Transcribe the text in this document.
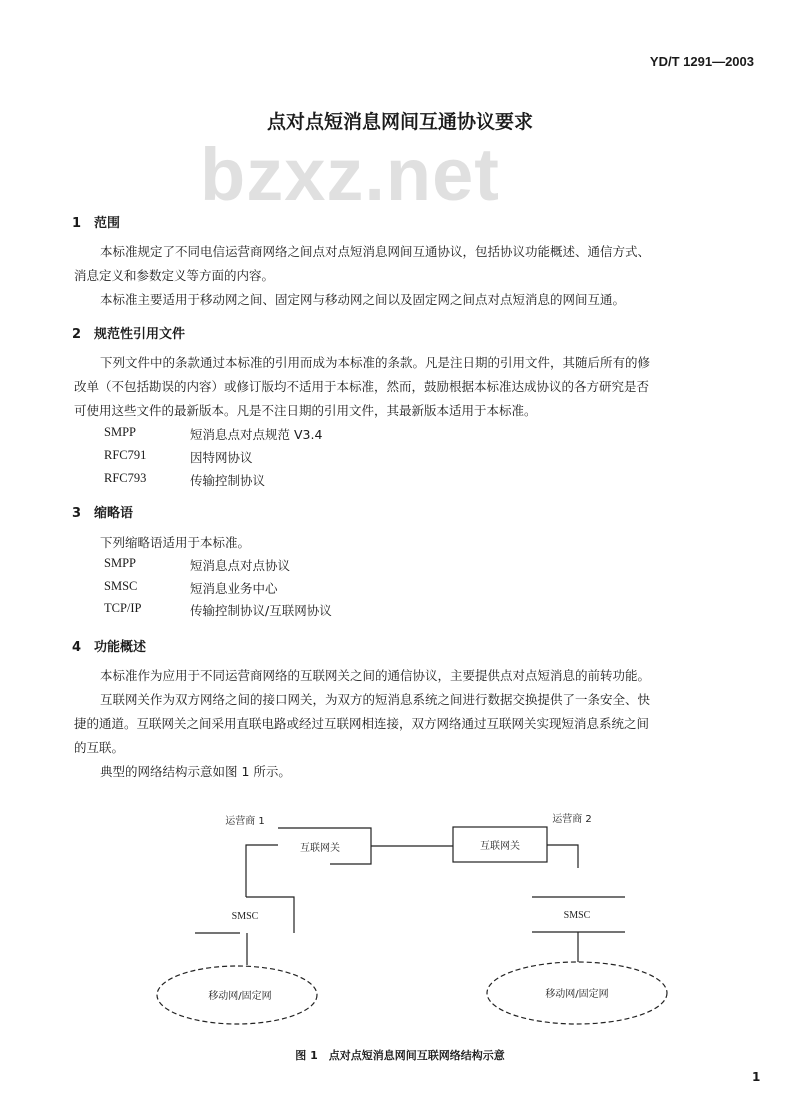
YD/T 1291—2003
bzxz.net
点对点短消息网间互通协议要求
1 范围
本标准规定了不同电信运营商网络之间点对点短消息网间互通协议，包括协议功能概述、通信方式、
消息定义和参数定义等方面的内容。
本标准主要适用于移动网之间、固定网与移动网之间以及固定网之间点对点短消息的网间互通。
2 规范性引用文件
下列文件中的条款通过本标准的引用而成为本标准的条款。凡是注日期的引用文件，其随后所有的修
改单（不包括勘误的内容）或修订版均不适用于本标准，然而，鼓励根据本标准达成协议的各方研究是否
可使用这些文件的最新版本。凡是不注日期的引用文件，其最新版本适用于本标准。
SMPP	短消息点对点规范 V3.4
RFC791	因特网协议
RFC793	传输控制协议
3 缩略语
下列缩略语适用于本标准。
SMPP	短消息点对点协议
SMSC	短消息业务中心
TCP/IP	传输控制协议/互联网协议
4 功能概述
本标准作为应用于不同运营商网络的互联网关之间的通信协议，主要提供点对点短消息的前转功能。
互联网关作为双方网络之间的接口网关，为双方的短消息系统之间进行数据交换提供了一条安全、快
捷的通道。互联网关之间采用直联电路或经过互联网相连接，双方网络通过互联网关实现短消息系统之间
的互联。
典型的网络结构示意如图 1 所示。
运营商 1	运营商 2
互联网关	互联网关
SMSC	SMSC
移动网/固定网	移动网/固定网
图 1　点对点短消息网间互联网络结构示意
1
